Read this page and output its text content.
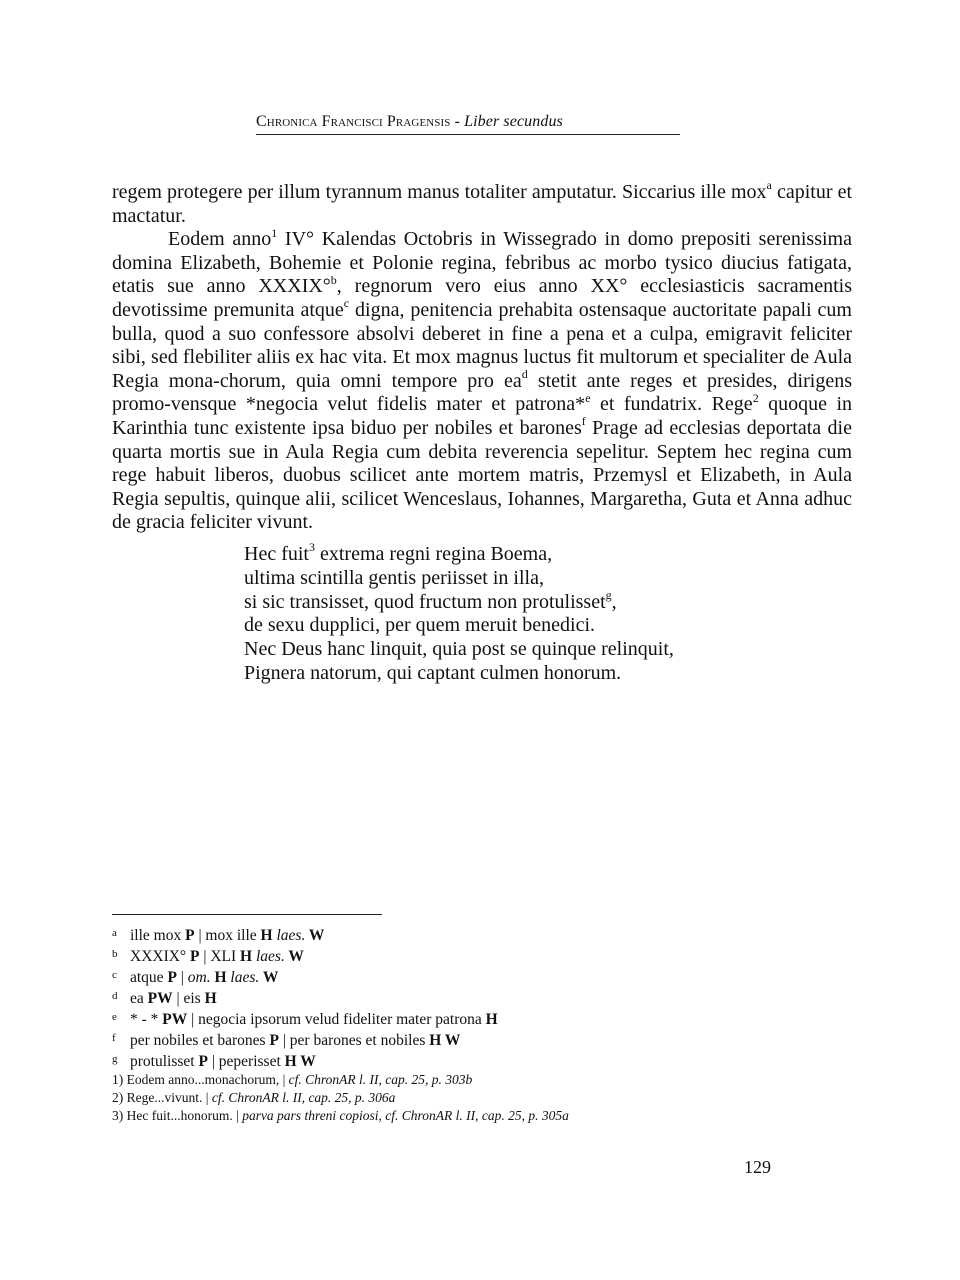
Chronica Francisci Pragensis - Liber secundus

regem protegere per illum tyrannum manus totaliter amputatur. Siccarius ille mox$^a$ capitur et mactatur.

Eodem anno$^1$ IV° Kalendas Octobris in Wissegrado in domo prepositi serenissima domina Elizabeth, Bohemie et Polonie regina, febribus ac morbo tysico diucius fatigata, etatis sue anno XXXIX°$^b$, regnorum vero eius anno XX° ecclesiasticis sacramentis devotissime premunita atque$^c$ digna, penitencia prehabita ostensaque auctoritate papali cum bulla, quod a suo confessore absolvi deberet in fine a pena et a culpa, emigravit feliciter sibi, sed flebiliter aliis ex hac vita. Et mox magnus luctus fit multorum et specialiter de Aula Regia mona-chorum, quia omni tempore pro $ea^d$ stetit ante reges et presides, dirigens promo-vensque *negocia velut fidelis mater et patrona*$^e$ et fundatrix. Rege$^2$ quoque in Karinthia tunc existente ipsa biduo per nobiles et barones$^f$ Prage ad ecclesias deportata die quarta mortis sue in Aula Regia cum debita reverencia sepelitur. Septem hec regina cum rege habuit liberos, duobus scilicet ante mortem matris, Przemysl et Elizabeth, in Aula Regia sepultis, quinque alii, scilicet Wenceslaus, Iohannes, Margaretha, Guta et Anna adhuc de gracia feliciter vivunt.

Hec fuit$^3$ extrema regni regina Boema,
ultima scintilla gentis periisset in illa,
si sic transisset, quod fructum non protulisset$^g$,
de sexu dupplici, per quem meruit benedici.
Nec Deus hanc linquit, quia post se quinque relinquit,
Pignera natorum, qui captant culmen honorum.
a ille mox P | mox ille H laes. W
b XXXIX° P | XLI H laes. W
c atque P | om. H laes. W
d ea PW | eis H
e * - * PW | negocia ipsorum velud fideliter mater patrona H
f per nobiles et barones P | per barones et nobiles H W
g protulisset P | peperisset H W
1) Eodem anno...monachorum, | cf. ChronAR l. II, cap. 25, p. 303b
2) Rege...vivunt. | cf. ChronAR l. II, cap. 25, p. 306a
3) Hec fuit...honorum. | parva pars threni copiosi, cf. ChronAR l. II, cap. 25, p. 305a
129
